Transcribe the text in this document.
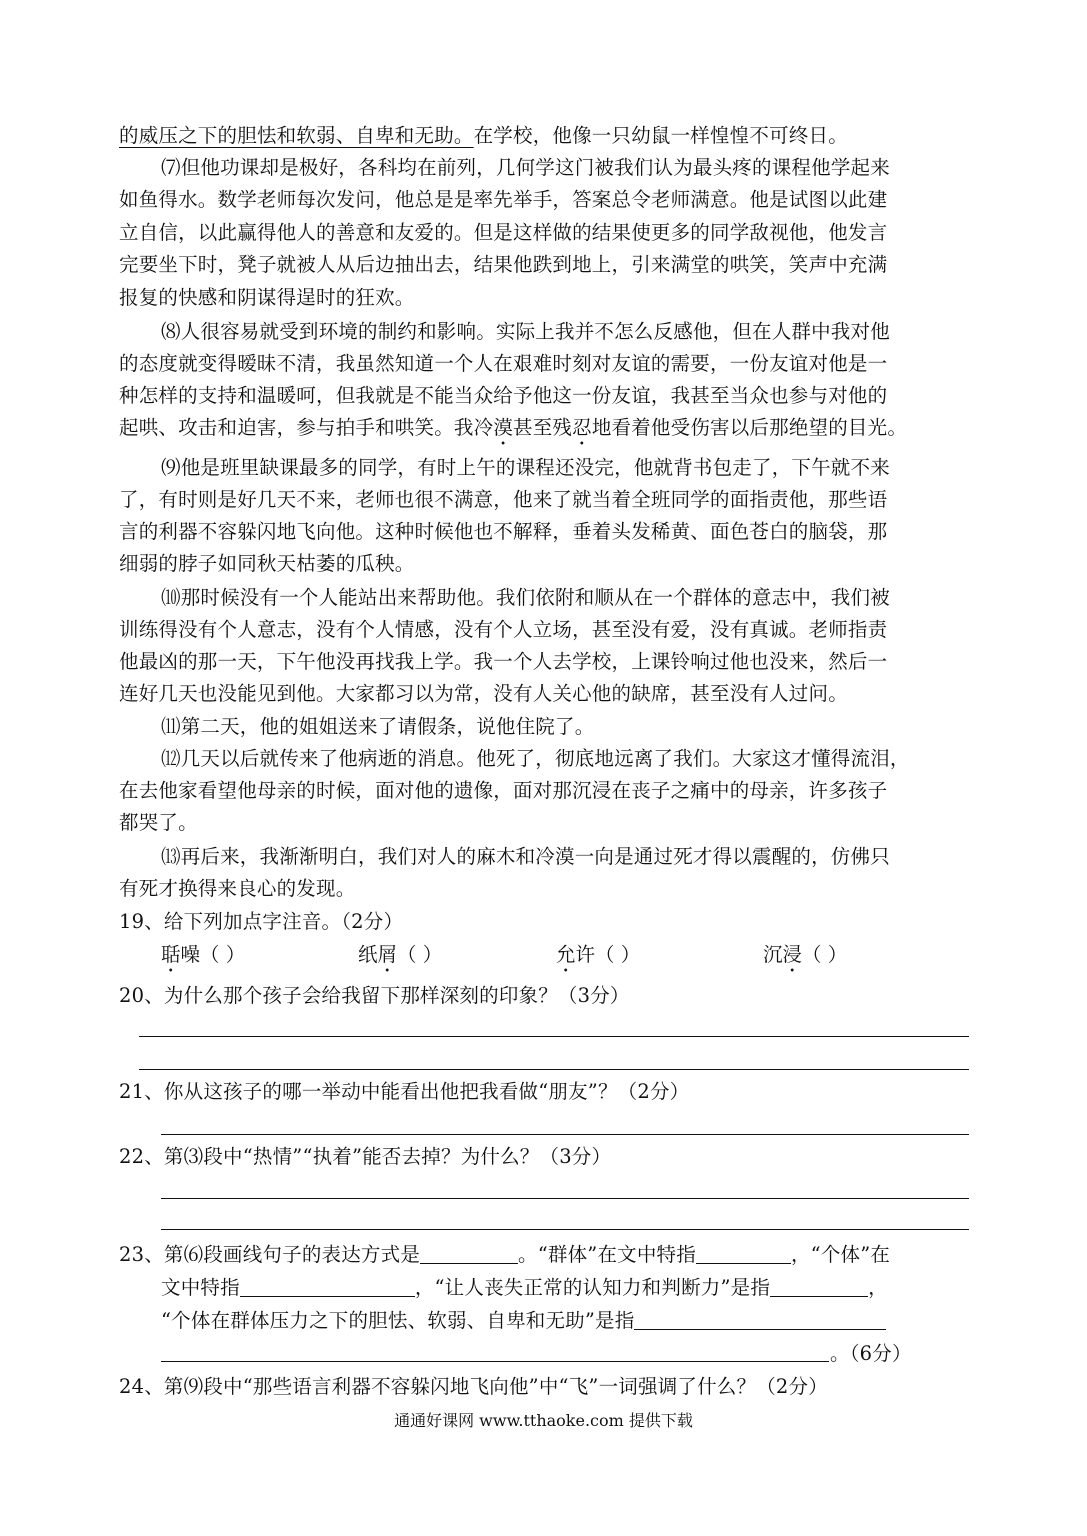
的威压之下的胆怯和软弱、自卑和无助。在学校，他像一只幼鼠一样惶惶不可终日。
⑺但他功课却是极好，各科均在前列，几何学这门被我们认为最头疼的课程他学起来
如鱼得水。数学老师每次发问，他总是是率先举手，答案总令老师满意。他是试图以此建
立自信，以此赢得他人的善意和友爱的。但是这样做的结果使更多的同学敌视他，他发言
完要坐下时，凳子就被人从后边抽出去，结果他跌到地上，引来满堂的哄笑，笑声中充满
报复的快感和阴谋得逞时的狂欢。
⑻人很容易就受到环境的制约和影响。实际上我并不怎么反感他，但在人群中我对他
的态度就变得暧昧不清，我虽然知道一个人在艰难时刻对友谊的需要，一份友谊对他是一
种怎样的支持和温暖呵，但我就是不能当众给予他这一份友谊，我甚至当众也参与对他的
起哄、攻击和迫害，参与拍手和哄笑。我冷漠甚至残忍地看着他受伤害以后那绝望的目光。
⑼他是班里缺课最多的同学，有时上午的课程还没完，他就背书包走了，下午就不来
了，有时则是好几天不来，老师也很不满意，他来了就当着全班同学的面指责他，那些语
言的利器不容躲闪地飞向他。这种时候他也不解释，垂着头发稀黄、面色苍白的脑袋，那
细弱的脖子如同秋天枯萎的瓜秧。
⑽那时候没有一个人能站出来帮助他。我们依附和顺从在一个群体的意志中，我们被
训练得没有个人意志，没有个人情感，没有个人立场，甚至没有爱，没有真诚。老师指责
他最凶的那一天，下午他没再找我上学。我一个人去学校，上课铃响过他也没来，然后一
连好几天也没能见到他。大家都习以为常，没有人关心他的缺席，甚至没有人过问。
⑾第二天，他的姐姐送来了请假条，说他住院了。
⑿几天以后就传来了他病逝的消息。他死了，彻底地远离了我们。大家这才懂得流泪，
在去他家看望他母亲的时候，面对他的遗像，面对那沉浸在丧子之痛中的母亲，许多孩子
都哭了。
⒀再后来，我渐渐明白，我们对人的麻木和冷漠一向是通过死才得以震醒的，仿佛只
有死才换得来良心的发现。
19、给下列加点字注音。（2分）
聒噪（ ）	纸屑（ ）	允许（ ）	沉浸（ ）
20、为什么那个孩子会给我留下那样深刻的印象？（3分）
21、你从这孩子的哪一举动中能看出他把我看做“朋友”？（2分）
22、第⑶段中“热情”“执着”能否去掉？为什么？（3分）
23、第⑹段画线句子的表达方式是	。“群体”在文中特指	，“个体”在
文中特指	，“让人丧失正常的认知力和判断力”是指	，
“个体在群体压力之下的胆怯、软弱、自卑和无助”是指
。（6分）
24、第⑼段中“那些语言利器不容躲闪地飞向他”中“飞”一词强调了什么？（2分）
通通好课网 www.tthaoke.com 提供下载
